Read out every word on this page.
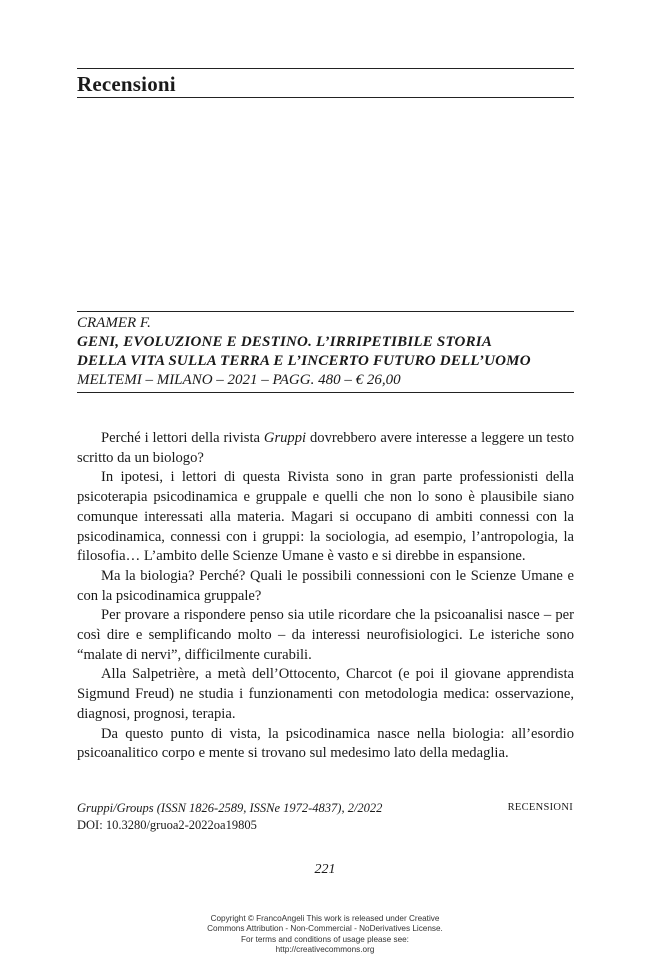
Recensioni
CRAMER F.
GENI, EVOLUZIONE E DESTINO. L’IRRIPETIBILE STORIA
DELLA VITA SULLA TERRA E L’INCERTO FUTURO DELL’UOMO
MELTEMI – MILANO – 2021 – PAGG. 480 – € 26,00

Perché i lettori della rivista Gruppi dovrebbero avere interesse a leggere un testo scritto da un biologo?

In ipotesi, i lettori di questa Rivista sono in gran parte professionisti della psicoterapia psicodinamica e gruppale e quelli che non lo sono è plausibile siano comunque interessati alla materia. Magari si occupano di ambiti connessi con la psicodinamica, connessi con i gruppi: la sociologia, ad esempio, l’antropologia, la filosofia… L’ambito delle Scienze Umane è vasto e si direbbe in espansione.

Ma la biologia? Perché? Quali le possibili connessioni con le Scienze Umane e con la psicodinamica gruppale?

Per provare a rispondere penso sia utile ricordare che la psicoanalisi nasce – per così dire e semplificando molto – da interessi neurofisiologici. Le isteriche sono “malate di nervi”, difficilmente curabili.

Alla Salpetrière, a metà dell’Ottocento, Charcot (e poi il giovane apprendista Sigmund Freud) ne studia i funzionamenti con metodologia medica: osservazione, diagnosi, prognosi, terapia.

Da questo punto di vista, la psicodinamica nasce nella biologia: all’esordio psicoanalitico corpo e mente si trovano sul medesimo lato della medaglia.

Gruppi/Groups (ISSN 1826-2589, ISSNe 1972-4837), 2/2022
DOI: 10.3280/gruoa2-2022oa19805
RECENSIONI
221
Copyright © FrancoAngeli This work is released under Creative
Commons Attribution - Non-Commercial - NoDerivatives License.
For terms and conditions of usage please see:
http://creativecommons.org
